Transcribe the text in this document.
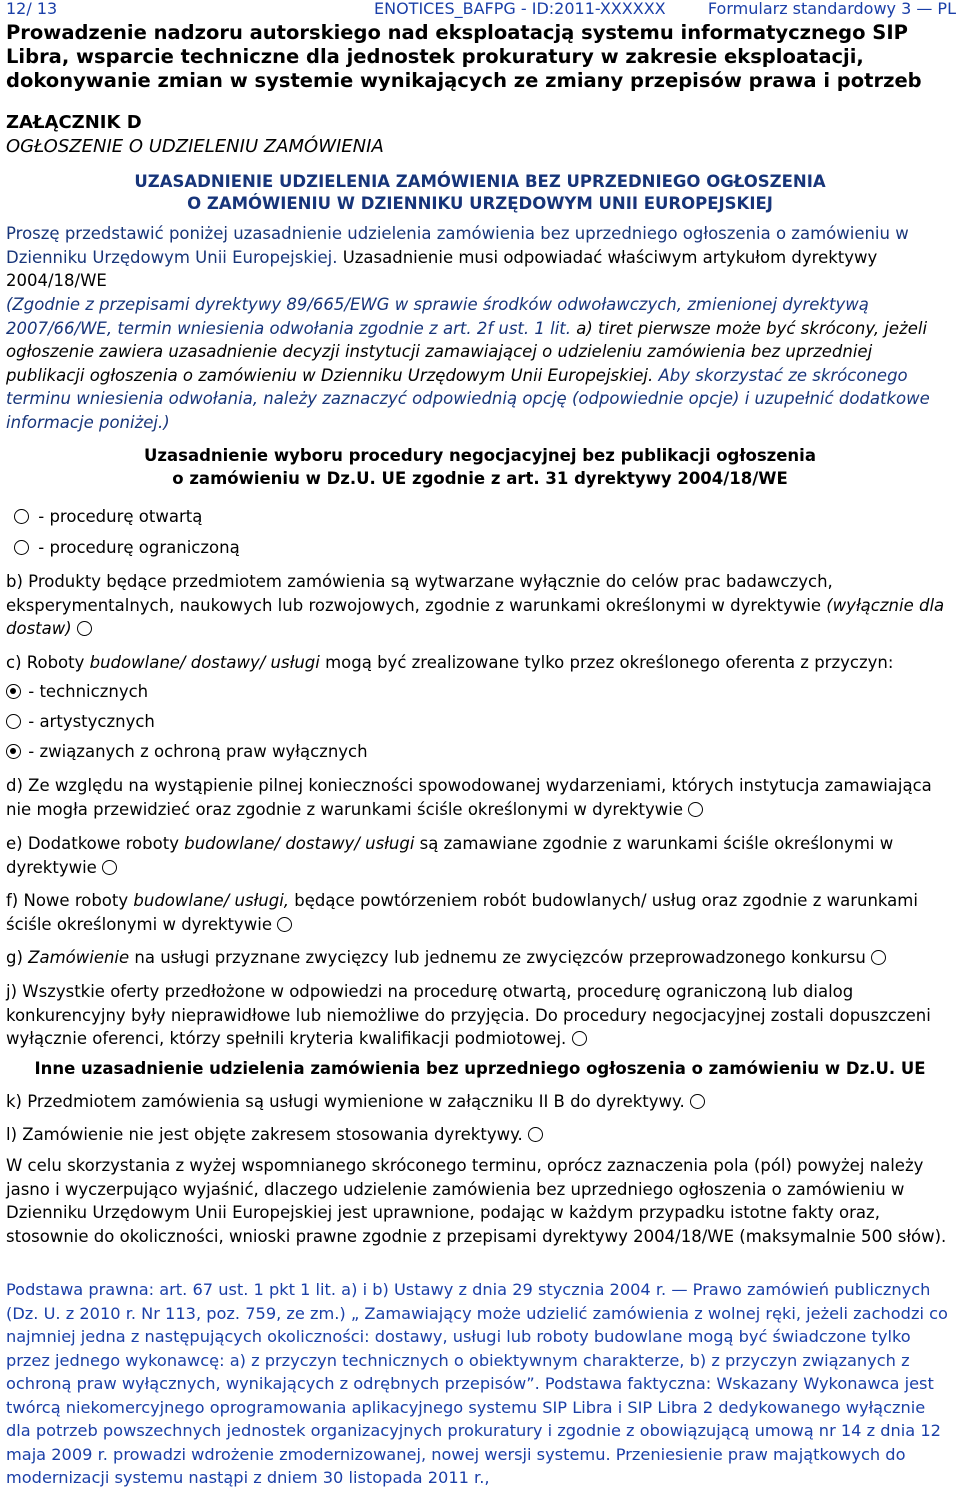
12/ 13	ENOTICES_BAFPG - ID:2011-XXXXXX	Formularz standardowy 3 — PL
Prowadzenie nadzoru autorskiego nad eksploatacją systemu informatycznego SIP Libra, wsparcie techniczne dla jednostek prokuratury w zakresie eksploatacji, dokonywanie zmian w systemie wynikających ze zmiany przepisów prawa i potrzeb
ZAŁĄCZNIK D
OGŁOSZENIE O UDZIELENIU ZAMÓWIENIA
UZASADNIENIE UDZIELENIA ZAMÓWIENIA BEZ UPRZEDNIEGO OGŁOSZENIA
O ZAMÓWIENIU W DZIENNIKU URZĘDOWYM UNII EUROPEJSKIEJ
Proszę przedstawić poniżej uzasadnienie udzielenia zamówienia bez uprzedniego ogłoszenia o zamówieniu w Dzienniku Urzędowym Unii Europejskiej. Uzasadnienie musi odpowiadać właściwym artykułom dyrektywy 2004/18/WE
(Zgodnie z przepisami dyrektywy 89/665/EWG w sprawie środków odwoławczych, zmienionej dyrektywą 2007/66/WE, termin wniesienia odwołania zgodnie z art. 2f ust. 1 lit. a) tiret pierwsze może być skrócony, jeżeli ogłoszenie zawiera uzasadnienie decyzji instytucji zamawiającej o udzieleniu zamówienia bez uprzedniej publikacji ogłoszenia o zamówieniu w Dzienniku Urzędowym Unii Europejskiej. Aby skorzystać ze skróconego terminu wniesienia odwołania, należy zaznaczyć odpowiednią opcję (odpowiednie opcje) i uzupełnić dodatkowe informacje poniżej.)
Uzasadnienie wyboru procedury negocjacyjnej bez publikacji ogłoszenia
o zamówieniu w Dz.U. UE zgodnie z art. 31 dyrektywy 2004/18/WE
- procedurę otwartą
- procedurę ograniczoną
b) Produkty będące przedmiotem zamówienia są wytwarzane wyłącznie do celów prac badawczych, eksperymentalnych, naukowych lub rozwojowych, zgodnie z warunkami określonymi w dyrektywie (wyłącznie dla dostaw)
c) Roboty budowlane/ dostawy/ usługi mogą być zrealizowane tylko przez określonego oferenta z przyczyn:
- technicznych
- artystycznych
- związanych z ochroną praw wyłącznych
d) Ze względu na wystąpienie pilnej konieczności spowodowanej wydarzeniami, których instytucja zamawiająca nie mogła przewidzieć oraz zgodnie z warunkami ściśle określonymi w dyrektywie
e) Dodatkowe roboty budowlane/ dostawy/ usługi są zamawiane zgodnie z warunkami ściśle określonymi w dyrektywie
f) Nowe roboty budowlane/ usługi, będące powtórzeniem robót budowlanych/ usług oraz zgodnie z warunkami ściśle określonymi w dyrektywie
g) Zamówienie na usługi przyznane zwycięzcy lub jednemu ze zwycięzców przeprowadzonego konkursu
j) Wszystkie oferty przedłożone w odpowiedzi na procedurę otwartą, procedurę ograniczoną lub dialog konkurencyjny były nieprawidłowe lub niemożliwe do przyjęcia. Do procedury negocjacyjnej zostali dopuszczeni wyłącznie oferenci, którzy spełnili kryteria kwalifikacji podmiotowej.
Inne uzasadnienie udzielenia zamówienia bez uprzedniego ogłoszenia o zamówieniu w Dz.U. UE
k) Przedmiotem zamówienia są usługi wymienione w załączniku II B do dyrektywy.
l) Zamówienie nie jest objęte zakresem stosowania dyrektywy.
W celu skorzystania z wyżej wspomnianego skróconego terminu, oprócz zaznaczenia pola (pól) powyżej należy jasno i wyczerpująco wyjaśnić, dlaczego udzielenie zamówienia bez uprzedniego ogłoszenia o zamówieniu w Dzienniku Urzędowym Unii Europejskiej jest uprawnione, podając w każdym przypadku istotne fakty oraz, stosownie do okoliczności, wnioski prawne zgodnie z przepisami dyrektywy 2004/18/WE (maksymalnie 500 słów).
Podstawa prawna: art. 67 ust. 1 pkt 1 lit. a) i b) Ustawy z dnia 29 stycznia 2004 r. — Prawo zamówień publicznych (Dz. U. z 2010 r. Nr 113, poz. 759, ze zm.) „ Zamawiający może udzielić zamówienia z wolnej ręki, jeżeli zachodzi co najmniej jedna z następujących okoliczności: dostawy, usługi lub roboty budowlane mogą być świadczone tylko przez jednego wykonawcę: a) z przyczyn technicznych o obiektywnym charakterze, b) z przyczyn związanych z ochroną praw wyłącznych, wynikających z odrębnych przepisów”. Podstawa faktyczna: Wskazany Wykonawca jest twórcą niekomercyjnego oprogramowania aplikacyjnego systemu SIP Libra i SIP Libra 2 dedykowanego wyłącznie dla potrzeb powszechnych jednostek organizacyjnych prokuratury i zgodnie z obowiązującą umową nr 14 z dnia 12 maja 2009 r. prowadzi wdrożenie zmodernizowanej, nowej wersji systemu. Przeniesienie praw majątkowych do modernizacji systemu nastąpi z dniem 30 listopada 2011 r.,
